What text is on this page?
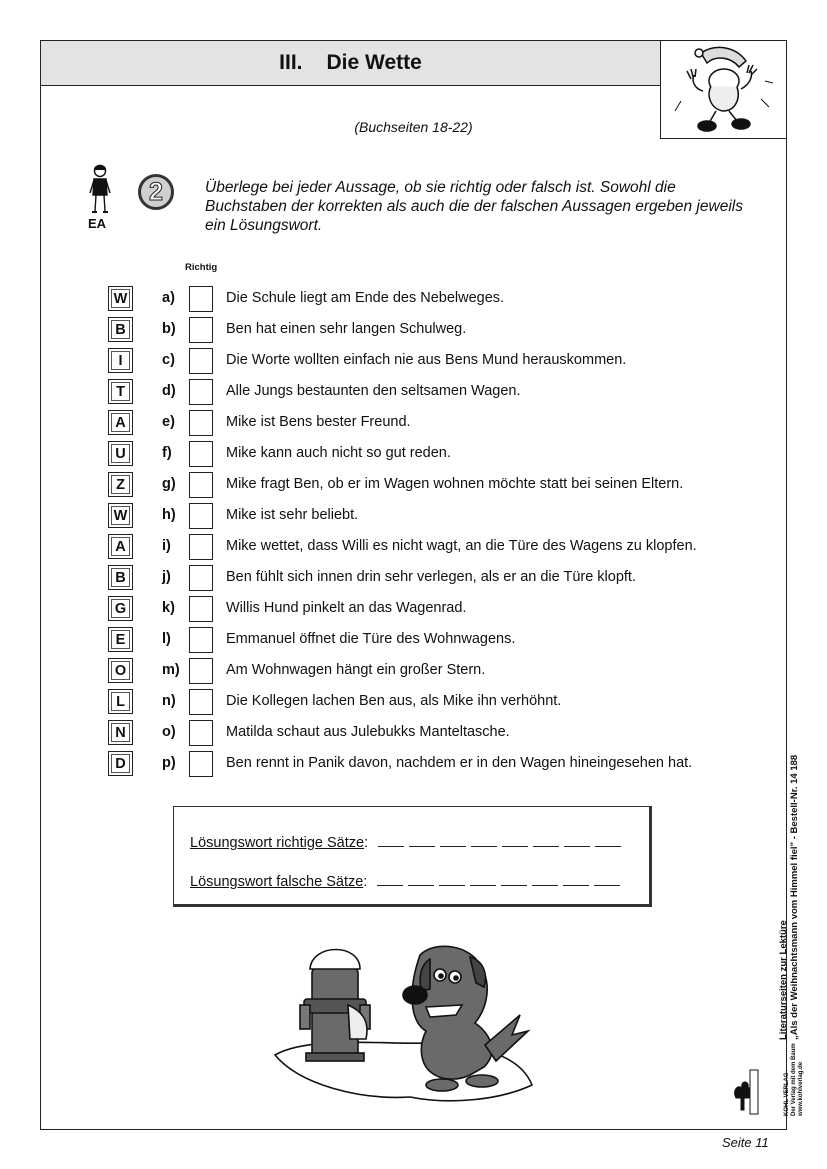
III. Die Wette
(Buchseiten 18-22)
EA
2	Überlege bei jeder Aussage, ob sie richtig oder falsch ist. Sowohl die Buchstaben der korrekten als auch die der falschen Aussagen ergeben jeweils ein Lösungswort.
Richtig
W a)	Die Schule liegt am Ende des Nebelweges.
B	b)	Ben hat einen sehr langen Schulweg.
I	c)	Die Worte wollten einfach nie aus Bens Mund herauskommen.
T	d)	Alle Jungs bestaunten den seltsamen Wagen.
A	e)	Mike ist Bens bester Freund.
U	f)	Mike kann auch nicht so gut reden.
Z	g)	Mike fragt Ben, ob er im Wagen wohnen möchte statt bei seinen Eltern.
W h)	Mike ist sehr beliebt.
A	i)	Mike wettet, dass Willi es nicht wagt, an die Türe des Wagens zu klopfen.
B	j)	Ben fühlt sich innen drin sehr verlegen, als er an die Türe klopft.
G k)	Willis Hund pinkelt an das Wagenrad.
E	l)	Emmanuel öffnet die Türe des Wohnwagens.
O m)	Am Wohnwagen hängt ein großer Stern.
L	n)	Die Kollegen lachen Ben aus, als Mike ihn verhöhnt.
N	o)	Matilda schaut aus Julebukks Manteltasche.
D	p)	Ben rennt in Panik davon, nachdem er in den Wagen hineingesehen hat.
Lösungswort richtige Sätze:
Lösungswort falsche Sätze:
KOHL VERLAG Der Verlag mit dem Baum www.kohlverlag.de
Literaturseiten zur Lektüre „Als der Weihnachtsmann vom Himmel fiel" - Bestell-Nr. 14 188
Seite 11
